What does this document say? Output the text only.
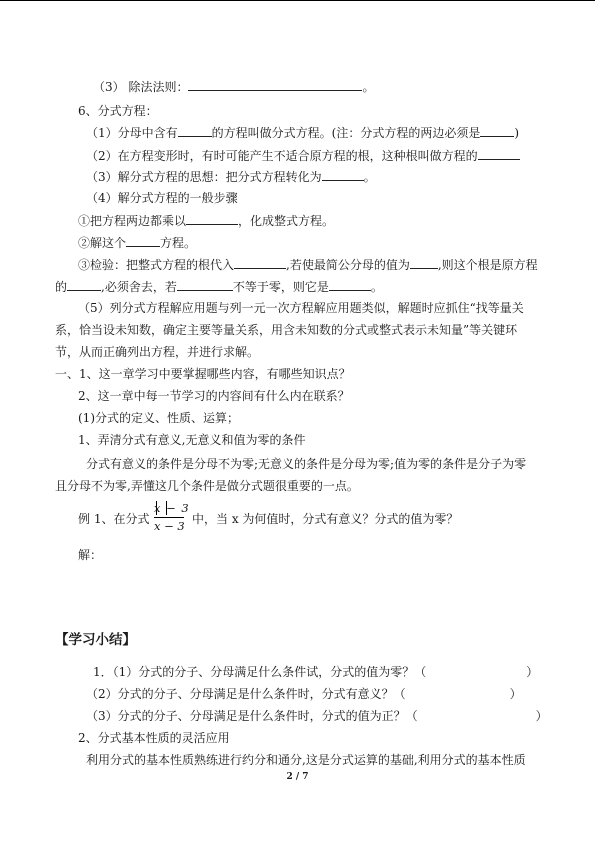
（3） 除法法则：	。
6、分式方程：
（1）分母中含有	的方程叫做分式方程。(注：分式方程的两边必须是	)
（2）在方程变形时，有时可能产生不适合原方程的根，这种根叫做方程的
（3）解分式方程的思想：把分式方程转化为	。
（4）解分式方程的一般步骤
①把方程两边都乘以	，化成整式方程。
②解这个	方程。
③检验：把整式方程的根代入	,若使最简公分母的值为 ,则这个根是原方程
的	,必须舍去，若	不等于零，则它是	。
（5）列分式方程解应用题与列一元一次方程解应用题类似，解题时应抓住“找等量关
系，恰当设未知数，确定主要等量关系，用含未知数的分式或整式表示未知量”等关键环
节，从而正确列出方程，并进行求解。
一、1、这一章学习中要掌握哪些内容，有哪些知识点？
2、这一章中每一节学习的内容间有什么内在联系？
(1)分式的定义、性质、运算；
1、弄清分式有意义,无意义和值为零的条件
分式有意义的条件是分母不为零;无意义的条件是分母为零;值为零的条件是分子为零
且分母不为零,弄懂这几个条件是做分式题很重要的一点。
例 1、在分式
x − 3
x − 3 中，当 x 为何值时，分式有意义？分式的值为零？
解：
【学习小结】
1．（1）分式的分子、分母满足什么条件试，分式的值为零？（	）
（2）分式的分子、分母满足是什么条件时，分式有意义？（	）
（3）分式的分子、分母满足是什么条件时，分式的值为正？（	）
2、分式基本性质的灵活应用
利用分式的基本性质熟练进行约分和通分,这是分式运算的基础,利用分式的基本性质
2 / 7
